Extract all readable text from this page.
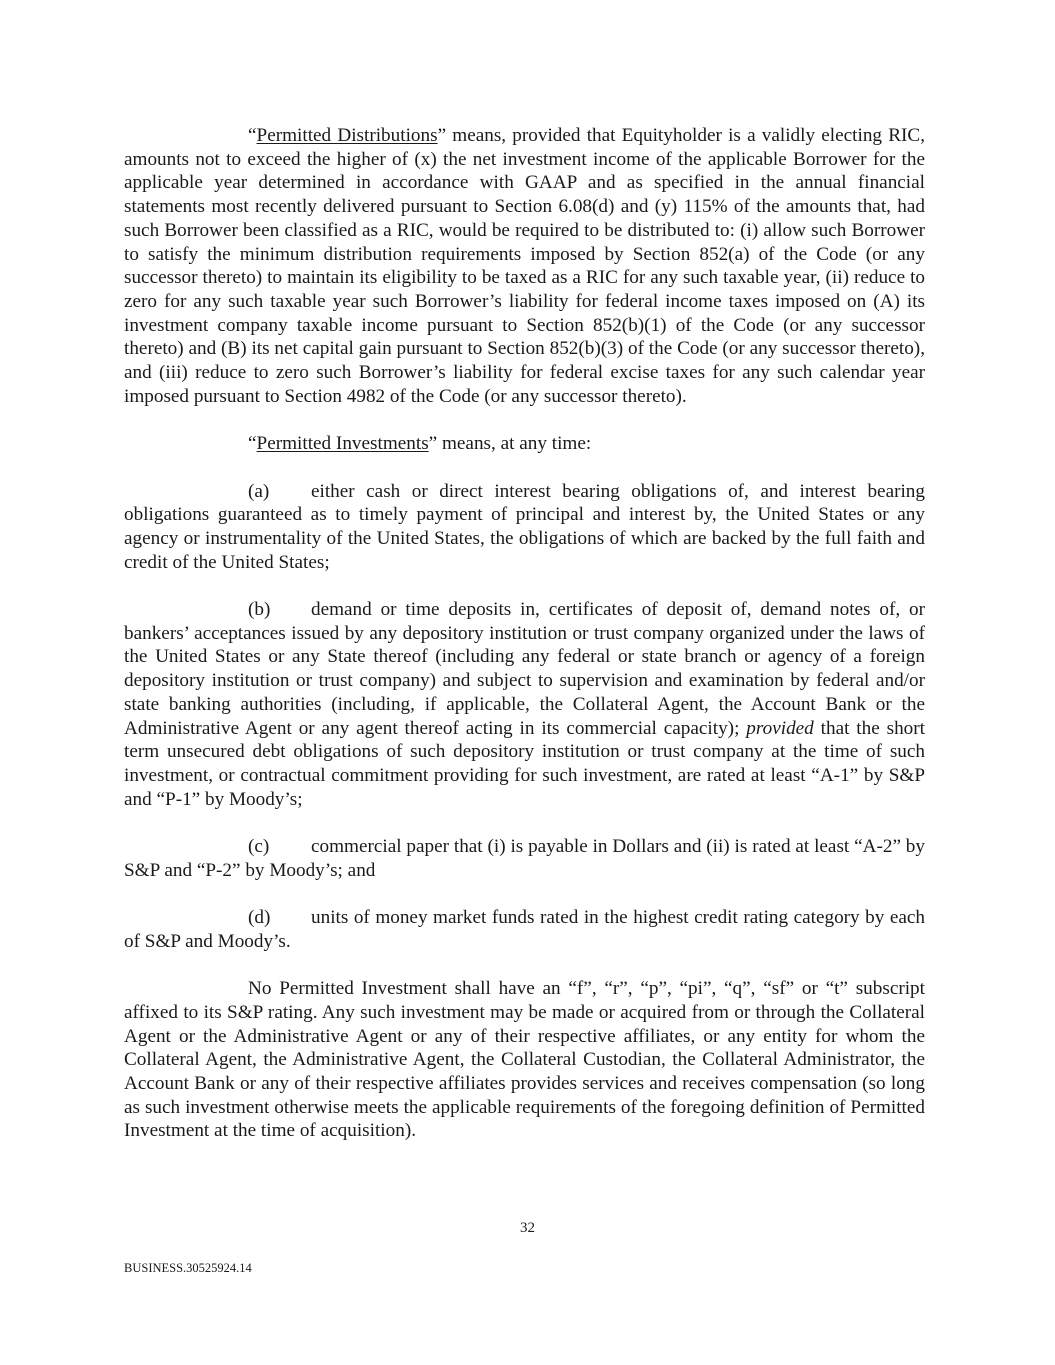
“Permitted Distributions” means, provided that Equityholder is a validly electing RIC, amounts not to exceed the higher of (x) the net investment income of the applicable Borrower for the applicable year determined in accordance with GAAP and as specified in the annual financial statements most recently delivered pursuant to Section 6.08(d) and (y) 115% of the amounts that, had such Borrower been classified as a RIC, would be required to be distributed to: (i) allow such Borrower to satisfy the minimum distribution requirements imposed by Section 852(a) of the Code (or any successor thereto) to maintain its eligibility to be taxed as a RIC for any such taxable year, (ii) reduce to zero for any such taxable year such Borrower’s liability for federal income taxes imposed on (A) its investment company taxable income pursuant to Section 852(b)(1) of the Code (or any successor thereto) and (B) its net capital gain pursuant to Section 852(b)(3) of the Code (or any successor thereto), and (iii) reduce to zero such Borrower’s liability for federal excise taxes for any such calendar year imposed pursuant to Section 4982 of the Code (or any successor thereto).

“Permitted Investments” means, at any time:

(a) either cash or direct interest bearing obligations of, and interest bearing obligations guaranteed as to timely payment of principal and interest by, the United States or any agency or instrumentality of the United States, the obligations of which are backed by the full faith and credit of the United States;

(b) demand or time deposits in, certificates of deposit of, demand notes of, or bankers’ acceptances issued by any depository institution or trust company organized under the laws of the United States or any State thereof (including any federal or state branch or agency of a foreign depository institution or trust company) and subject to supervision and examination by federal and/or state banking authorities (including, if applicable, the Collateral Agent, the Account Bank or the Administrative Agent or any agent thereof acting in its commercial capacity); provided that the short term unsecured debt obligations of such depository institution or trust company at the time of such investment, or contractual commitment providing for such investment, are rated at least “A-1” by S&P and “P-1” by Moody’s;

(c) commercial paper that (i) is payable in Dollars and (ii) is rated at least “A-2” by S&P and “P-2” by Moody’s; and

(d) units of money market funds rated in the highest credit rating category by each of S&P and Moody’s.

No Permitted Investment shall have an “f”, “r”, “p”, “pi”, “q”, “sf” or “t” subscript affixed to its S&P rating. Any such investment may be made or acquired from or through the Collateral Agent or the Administrative Agent or any of their respective affiliates, or any entity for whom the Collateral Agent, the Administrative Agent, the Collateral Custodian, the Collateral Administrator, the Account Bank or any of their respective affiliates provides services and receives compensation (so long as such investment otherwise meets the applicable requirements of the foregoing definition of Permitted Investment at the time of acquisition).

32
BUSINESS.30525924.14
